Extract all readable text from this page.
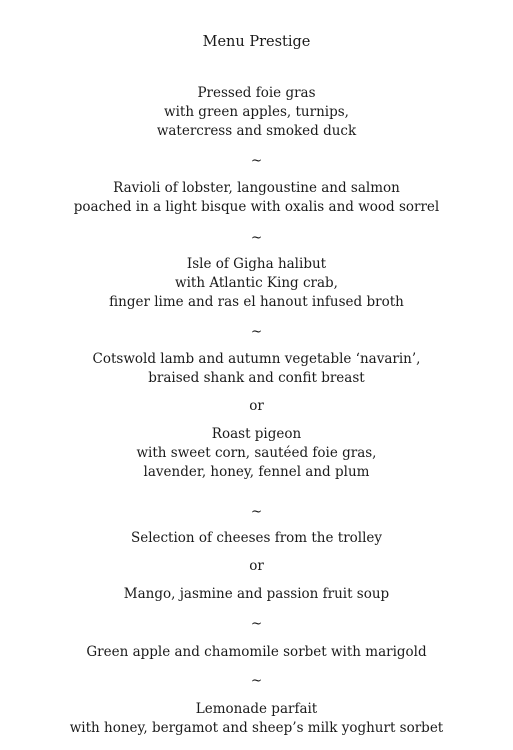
Menu Prestige
Pressed foie gras
with green apples, turnips,
watercress and smoked duck
~
Ravioli of lobster, langoustine and salmon
poached in a light bisque with oxalis and wood sorrel
~
Isle of Gigha halibut
with Atlantic King crab,
finger lime and ras el hanout infused broth
~
Cotswold lamb and autumn vegetable ‘navarin’,
braised shank and confit breast
or
Roast pigeon
with sweet corn, sautéed foie gras,
lavender, honey, fennel and plum
~
Selection of cheeses from the trolley
or
Mango, jasmine and passion fruit soup
~
Green apple and chamomile sorbet with marigold
~
Lemonade parfait
with honey, bergamot and sheep’s milk yoghurt sorbet
